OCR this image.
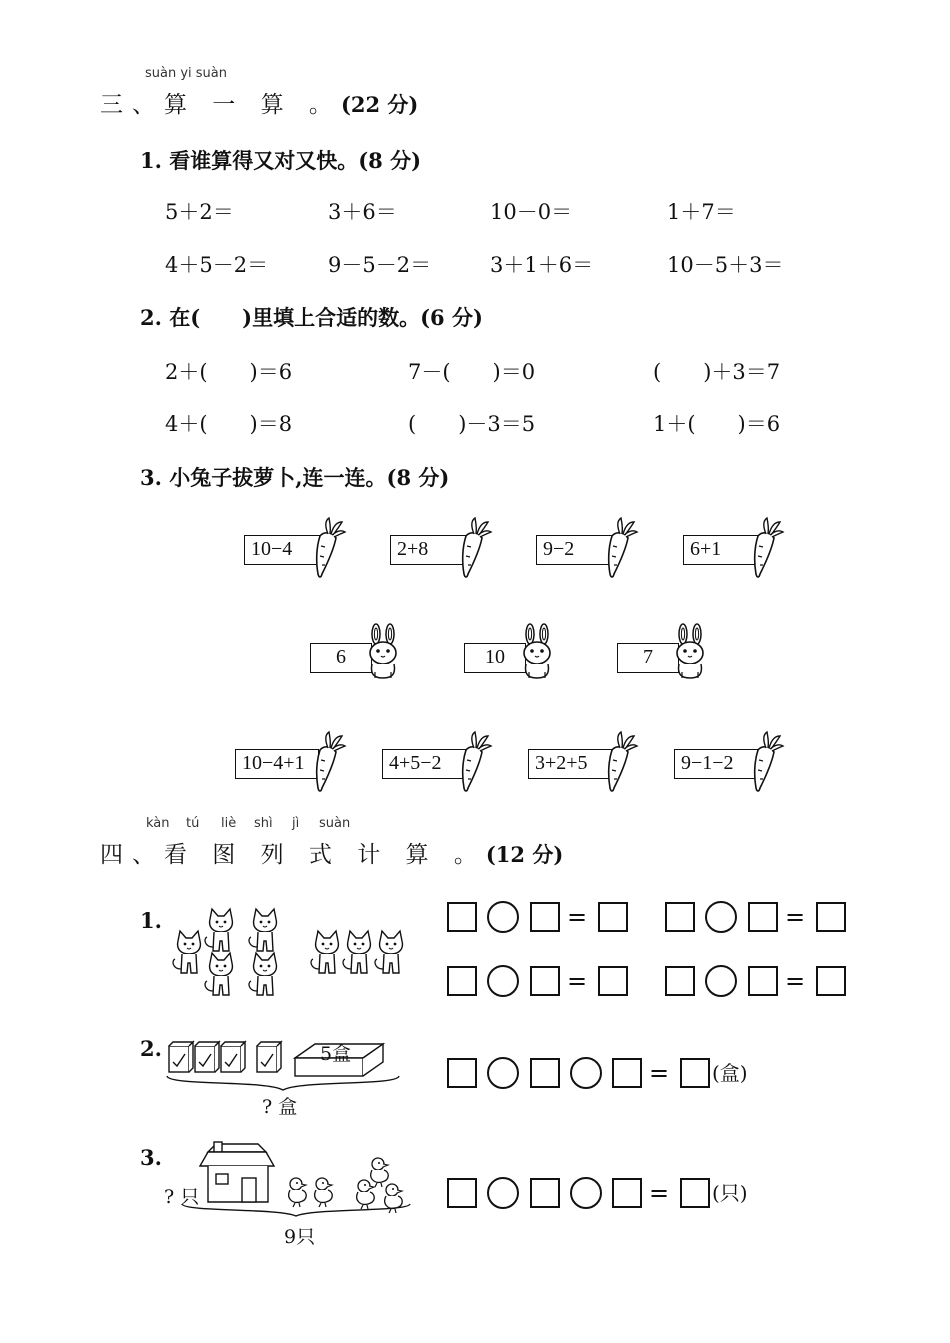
suàn yi suàn
三、算 一 算 。(22 分)
1. 看谁算得又对又快。(8 分)
5＋2＝	3＋6＝	10－0＝	1＋7＝
4＋5－2＝	9－5－2＝	3＋1＋6＝	10－5＋3＝
2. 在(　　)里填上合适的数。(6 分)
2＋(　　)＝6	7－(　　)＝0	(　　)＋3＝7
4＋(　　)＝8	(　　)－3＝5	1＋(　　)＝6
3. 小兔子拔萝卜,连一连。(8 分)
10−4	2+8	9−2	6+1
6	10	7
10−4+1	4+5−2	3+2+5	9−1−2
kàn tú liè shì jì suàn
四、看 图 列 式 计 算 。(12 分)
1.	=	=
=	=
2.	5盒
? 盒
= (盒)
3.
? 只
9只
= (只)
